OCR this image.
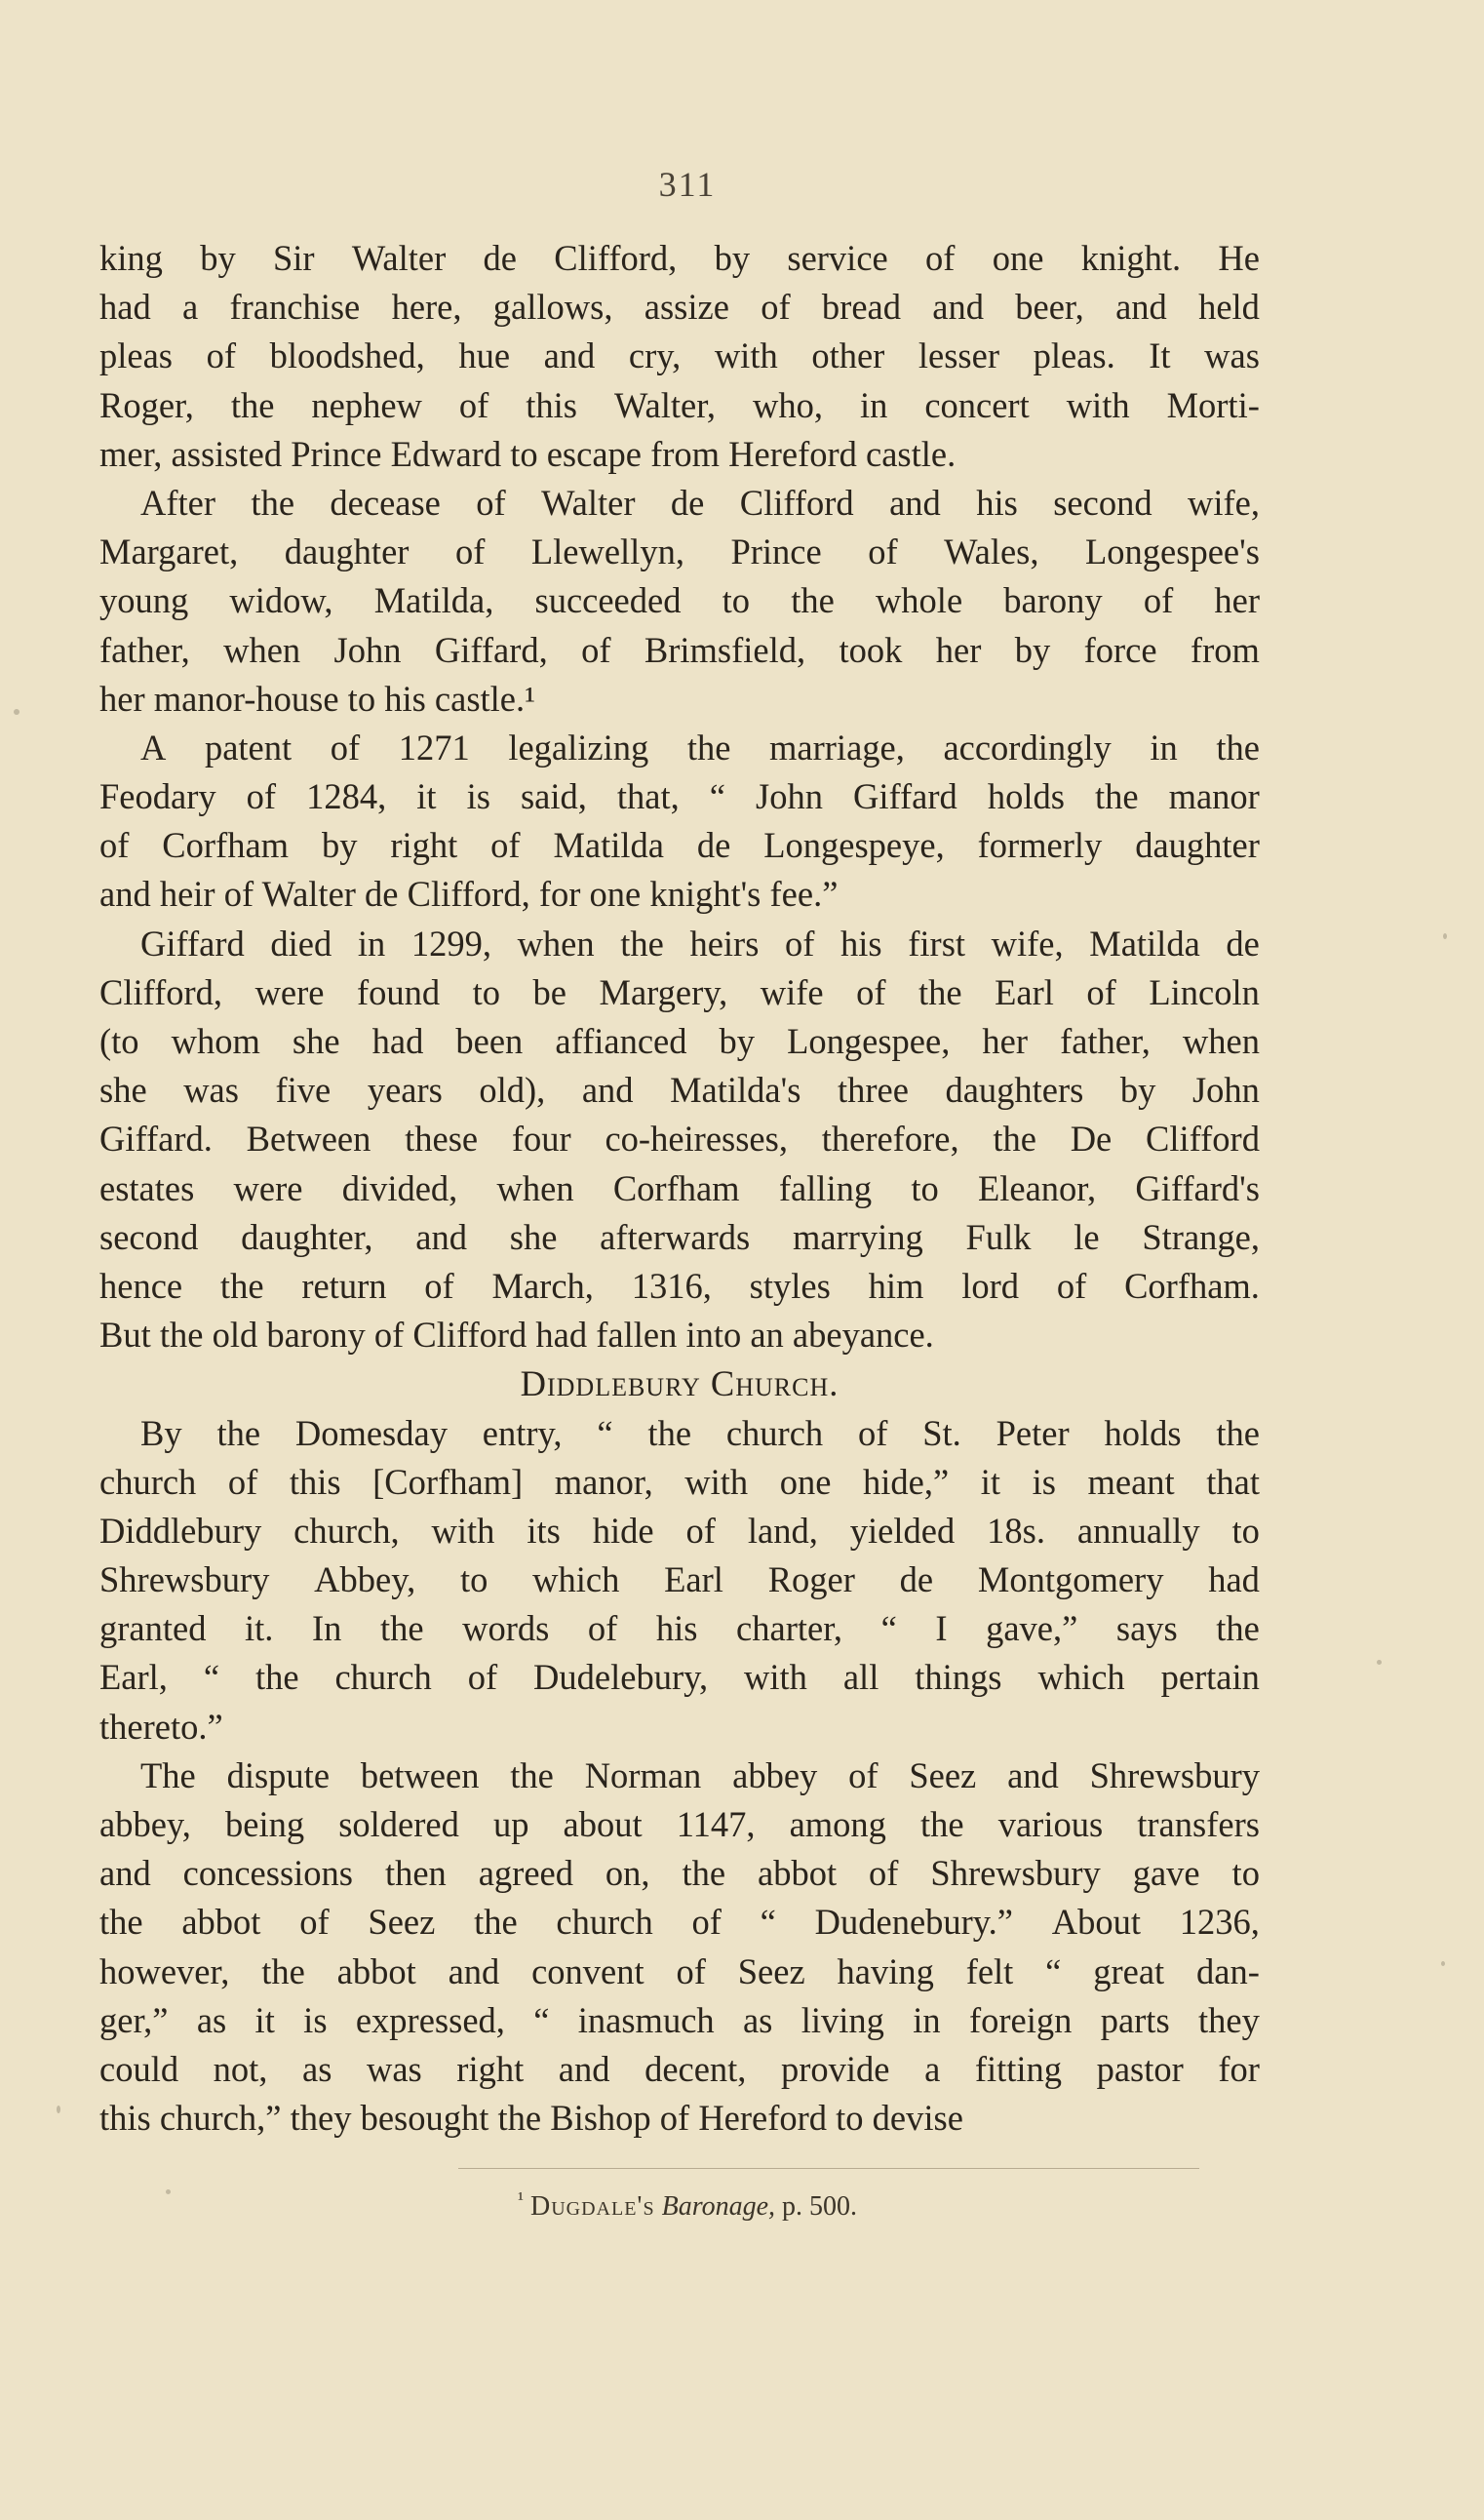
311
king by Sir Walter de Clifford, by service of one knight. He
had a franchise here, gallows, assize of bread and beer, and held
pleas of bloodshed, hue and cry, with other lesser pleas. It was
Roger, the nephew of this Walter, who, in concert with Morti-
mer, assisted Prince Edward to escape from Hereford castle.
After the decease of Walter de Clifford and his second wife,
Margaret, daughter of Llewellyn, Prince of Wales, Longespee's
young widow, Matilda, succeeded to the whole barony of her
father, when John Giffard, of Brimsfield, took her by force from
her manor-house to his castle.¹
A patent of 1271 legalizing the marriage, accordingly in the
Feodary of 1284, it is said, that, “ John Giffard holds the manor
of Corfham by right of Matilda de Longespeye, formerly daughter
and heir of Walter de Clifford, for one knight's fee.”
Giffard died in 1299, when the heirs of his first wife, Matilda de
Clifford, were found to be Margery, wife of the Earl of Lincoln
(to whom she had been affianced by Longespee, her father, when
she was five years old), and Matilda's three daughters by John
Giffard. Between these four co-heiresses, therefore, the De Clifford
estates were divided, when Corfham falling to Eleanor, Giffard's
second daughter, and she afterwards marrying Fulk le Strange,
hence the return of March, 1316, styles him lord of Corfham.
But the old barony of Clifford had fallen into an abeyance.
Diddlebury Church.
By the Domesday entry, “ the church of St. Peter holds the
church of this [Corfham] manor, with one hide,” it is meant that
Diddlebury church, with its hide of land, yielded 18s. annually to
Shrewsbury Abbey, to which Earl Roger de Montgomery had
granted it. In the words of his charter, “ I gave,” says the
Earl, “ the church of Dudelebury, with all things which pertain
thereto.”
The dispute between the Norman abbey of Seez and Shrewsbury
abbey, being soldered up about 1147, among the various transfers
and concessions then agreed on, the abbot of Shrewsbury gave to
the abbot of Seez the church of “ Dudenebury.” About 1236,
however, the abbot and convent of Seez having felt “ great dan-
ger,” as it is expressed, “ inasmuch as living in foreign parts they
could not, as was right and decent, provide a fitting pastor for
this church,” they besought the Bishop of Hereford to devise
$^{^1}$ Dugdale's Baronage, p. 500.
